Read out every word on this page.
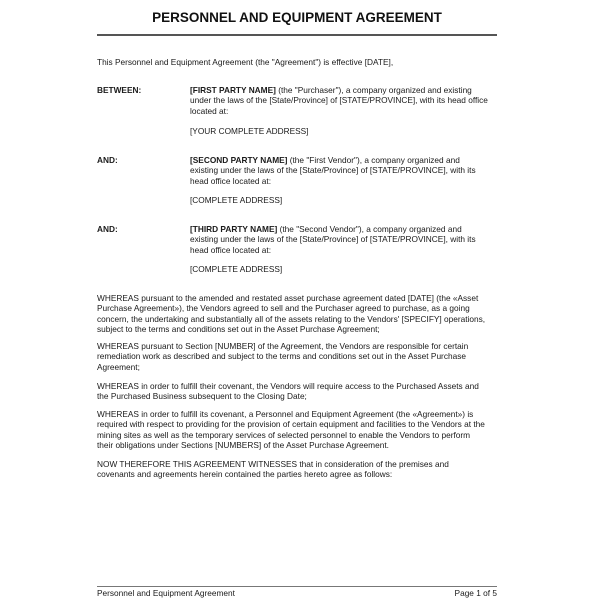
PERSONNEL AND EQUIPMENT AGREEMENT

This Personnel and Equipment Agreement (the "Agreement") is effective [DATE],

BETWEEN:	[FIRST PARTY NAME] (the "Purchaser"), a company organized and existing
under the laws of the [State/Province] of [STATE/PROVINCE], with its head office
located at:
[YOUR COMPLETE ADDRESS]
AND:	[SECOND PARTY NAME] (the "First Vendor"), a company organized and
existing under the laws of the [State/Province] of [STATE/PROVINCE], with its
head office located at:
[COMPLETE ADDRESS]
AND:	[THIRD PARTY NAME] (the "Second Vendor"), a company organized and
existing under the laws of the [State/Province] of [STATE/PROVINCE], with its
head office located at:
[COMPLETE ADDRESS]
WHEREAS pursuant to the amended and restated asset purchase agreement dated [DATE] (the «Asset
Purchase Agreement»), the Vendors agreed to sell and the Purchaser agreed to purchase, as a going
concern, the undertaking and substantially all of the assets relating to the Vendors' [SPECIFY] operations,
subject to the terms and conditions set out in the Asset Purchase Agreement;
WHEREAS pursuant to Section [NUMBER] of the Agreement, the Vendors are responsible for certain
remediation work as described and subject to the terms and conditions set out in the Asset Purchase
Agreement;
WHEREAS in order to fulfill their covenant, the Vendors will require access to the Purchased Assets and
the Purchased Business subsequent to the Closing Date;
WHEREAS in order to fulfill its covenant, a Personnel and Equipment Agreement (the «Agreement») is
required with respect to providing for the provision of certain equipment and facilities to the Vendors at the
mining sites as well as the temporary services of selected personnel to enable the Vendors to perform
their obligations under Sections [NUMBERS] of the Asset Purchase Agreement.
NOW THEREFORE THIS AGREEMENT WITNESSES that in consideration of the premises and
covenants and agreements herein contained the parties hereto agree as follows:
Personnel and Equipment Agreement	Page 1 of 5
